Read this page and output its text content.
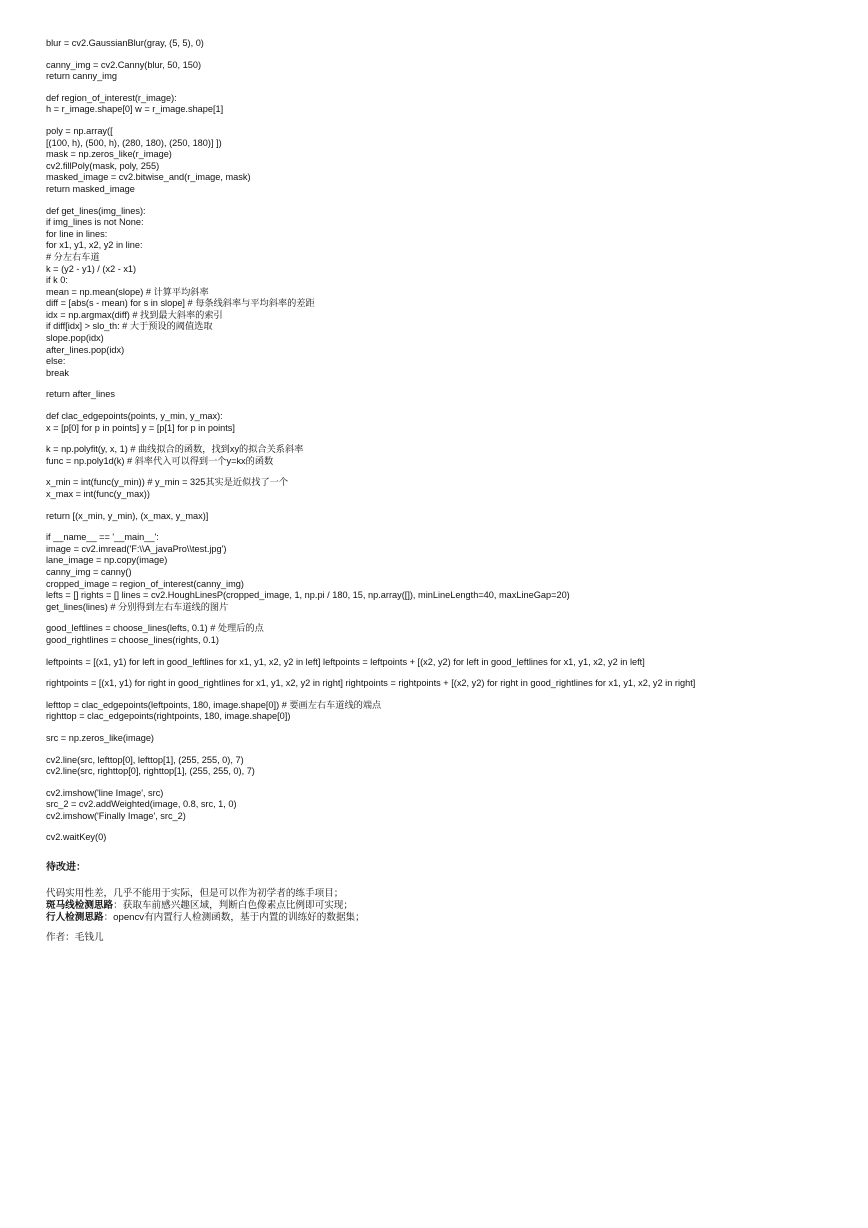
blur = cv2.GaussianBlur(gray, (5, 5), 0)
canny_img = cv2.Canny(blur, 50, 150)
return canny_img
def region_of_interest(r_image):
h = r_image.shape[0] w = r_image.shape[1]
poly = np.array([
[(100, h), (500, h), (280, 180), (250, 180)] ])
mask = np.zeros_like(r_image)
cv2.fillPoly(mask, poly, 255)
masked_image = cv2.bitwise_and(r_image, mask)
return masked_image
def get_lines(img_lines):
if img_lines is not None:
for line in lines:
for x1, y1, x2, y2 in line:
# 分左右车道
k = (y2 - y1) / (x2 - x1)
if k 0:
mean = np.mean(slope) # 计算平均斜率
diff = [abs(s - mean) for s in slope] # 每条线斜率与平均斜率的差距
idx = np.argmax(diff) # 找到最大斜率的索引
if diff[idx] > slo_th: # 大于预设的阈值选取
slope.pop(idx)
after_lines.pop(idx)
else:
break
return after_lines
def clac_edgepoints(points, y_min, y_max):
x = [p[0] for p in points] y = [p[1] for p in points]
k = np.polyfit(y, x, 1) # 曲线拟合的函数，找到xy的拟合关系斜率
func = np.poly1d(k) # 斜率代入可以得到一个y=kx的函数
x_min = int(func(y_min)) # y_min = 325其实是近似找了一个
x_max = int(func(y_max))
return [(x_min, y_min), (x_max, y_max)]
if __name__ == '__main__':
image = cv2.imread('F:\\A_javaPro\\test.jpg')
lane_image = np.copy(image)
canny_img = canny()
cropped_image = region_of_interest(canny_img)
lefts = [] rights = [] lines = cv2.HoughLinesP(cropped_image, 1, np.pi / 180, 15, np.array([]), minLineLength=40, maxLineGap=20)
get_lines(lines) # 分别得到左右车道线的图片
good_leftlines = choose_lines(lefts, 0.1) # 处理后的点
good_rightlines = choose_lines(rights, 0.1)
leftpoints = [(x1, y1) for left in good_leftlines for x1, y1, x2, y2 in left] leftpoints = leftpoints + [(x2, y2) for left in good_leftlines for x1, y1, x2, y2 in left]
rightpoints = [(x1, y1) for right in good_rightlines for x1, y1, x2, y2 in right] rightpoints = rightpoints + [(x2, y2) for right in good_rightlines for x1, y1, x2, y2 in right]
lefttop = clac_edgepoints(leftpoints, 180, image.shape[0]) # 要画左右车道线的端点
righttop = clac_edgepoints(rightpoints, 180, image.shape[0])
src = np.zeros_like(image)
cv2.line(src, lefttop[0], lefttop[1], (255, 255, 0), 7)
cv2.line(src, righttop[0], righttop[1], (255, 255, 0), 7)
cv2.imshow('line Image', src)
src_2 = cv2.addWeighted(image, 0.8, src, 1, 0)
cv2.imshow('Finally Image', src_2)
cv2.waitKey(0)
待改进：
代码实用性差，几乎不能用于实际，但是可以作为初学者的练手项目；
斑马线检测思路：获取车前感兴趣区域，判断白色像素点比例即可实现；
行人检测思路：opencv有内置行人检测函数，基于内置的训练好的数据集；
作者：毛钱儿
